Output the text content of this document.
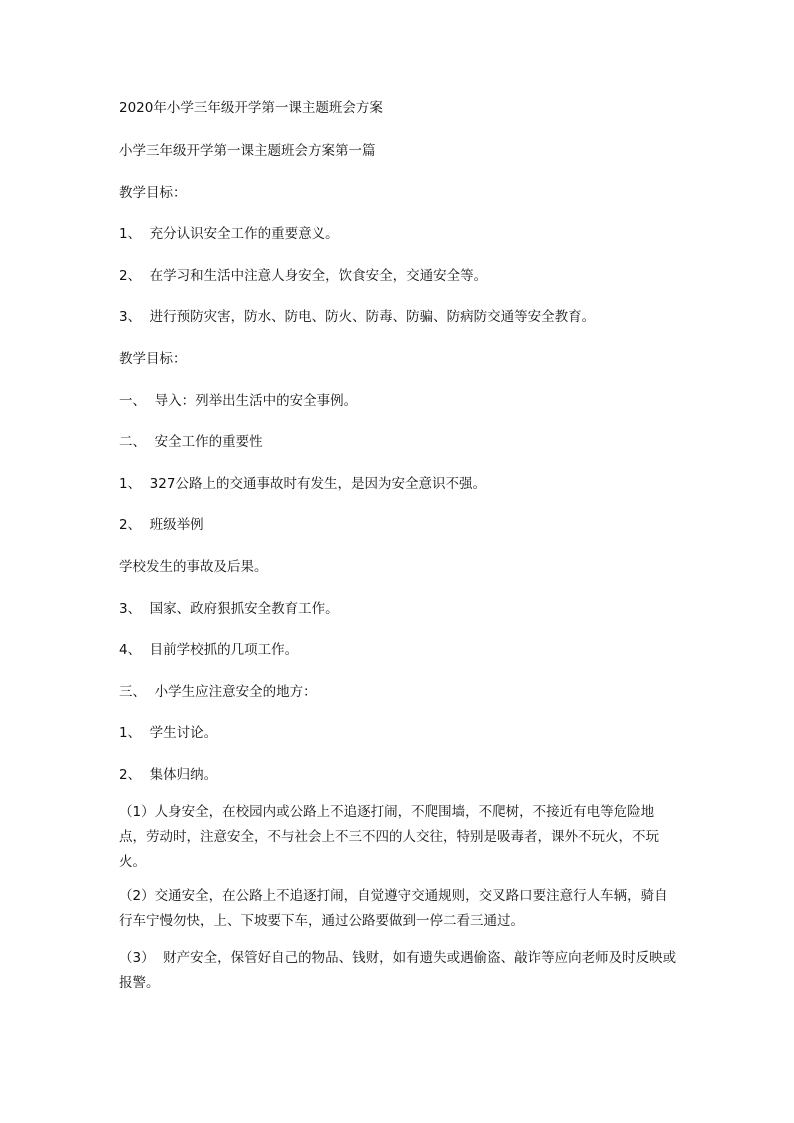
2020年小学三年级开学第一课主题班会方案

小学三年级开学第一课主题班会方案第一篇

教学目标：

1、  充分认识安全工作的重要意义。

2、  在学习和生活中注意人身安全，饮食安全，交通安全等。

3、  进行预防灾害，防水、防电、防火、防毒、防骗、防病防交通等安全教育。

教学目标：

一、  导入：列举出生活中的安全事例。

二、  安全工作的重要性

1、  327公路上的交通事故时有发生，是因为安全意识不强。

2、  班级举例

学校发生的事故及后果。

3、  国家、政府狠抓安全教育工作。

4、  目前学校抓的几项工作。

三、  小学生应注意安全的地方：

1、  学生讨论。

2、  集体归纳。

（1）人身安全，在校园内或公路上不追逐打闹，不爬围墙，不爬树，不接近有电等危险地点，劳动时，注意安全，不与社会上不三不四的人交往，特别是吸毒者，课外不玩火，不玩火。

（2）交通安全，在公路上不追逐打闹，自觉遵守交通规则，交叉路口要注意行人车辆，骑自行车宁慢勿快，上、下坡要下车，通过公路要做到一停二看三通过。

（3）  财产安全，保管好自己的物品、钱财，如有遗失或遇偷盗、敲诈等应向老师及时反映或报警。
